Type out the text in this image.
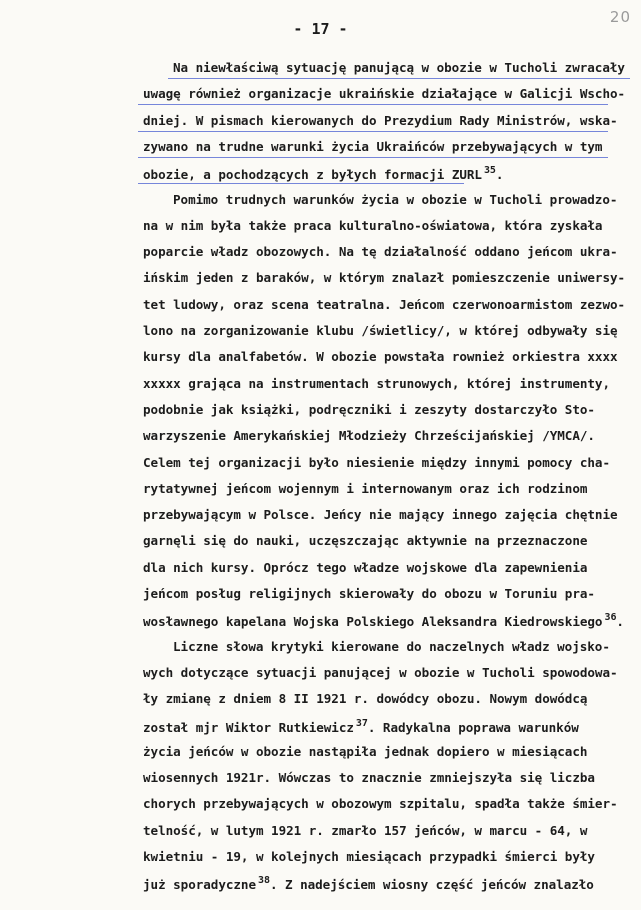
20
- 17 -
Na niewłaściwą sytuację panującą w obozie w Tucholi zwracały
uwagę również organizacje ukraińskie działające w Galicji Wscho-
dniej. W pismach kierowanych do Prezydium Rady Ministrów, wska-
zywano na trudne warunki życia Ukraińców przebywających w tym
obozie, a pochodzących z byłych formacji ZURL $^{35}$.
Pomimo trudnych warunków życia w obozie w Tucholi prowadzo-
na w nim była także praca kulturalno-oświatowa, która zyskała
poparcie władz obozowych. Na tę działalność oddano jeńcom ukra-
ińskim jeden z baraków, w którym znalazł pomieszczenie uniwersy-
tet ludowy, oraz scena teatralna. Jeńcom czerwonoarmistom zezwo-
lono na zorganizowanie klubu /świetlicy/, w której odbywały się
kursy dla analfabetów. W obozie powstała rownież orkiestra xxxx
xxxxx grająca na instrumentach strunowych, której instrumenty,
podobnie jak książki, podręczniki i zeszyty dostarczyło Sto-
warzyszenie Amerykańskiej Młodzieży Chrześcijańskiej /YMCA/.
Celem tej organizacji było niesienie między innymi pomocy cha-
rytatywnej jeńcom wojennym i internowanym oraz ich rodzinom
przebywającym w Polsce. Jeńcy nie mający innego zajęcia chętnie
garnęli się do nauki, uczęszczając aktywnie na przeznaczone
dla nich kursy. Oprócz tego władze wojskowe dla zapewnienia
jeńcom posług religijnych skierowały do obozu w Toruniu pra-
wosławnego kapelana Wojska Polskiego Aleksandra Kiedrowskiego $^{36}$.
Liczne słowa krytyki kierowane do naczelnych władz wojsko-
wych dotyczące sytuacji panującej w obozie w Tucholi spowodowa-
ły zmianę z dniem 8 II 1921 r. dowódcy obozu. Nowym dowódcą
został mjr Wiktor Rutkiewicz $^{37}$. Radykalna poprawa warunków
życia jeńców w obozie nastąpiła jednak dopiero w miesiącach
wiosennych 1921r. Wówczas to znacznie zmniejszyła się liczba
chorych przebywających w obozowym szpitalu, spadła także śmier-
telność, w lutym 1921 r. zmarło 157 jeńców, w marcu - 64, w
kwietniu - 19, w kolejnych miesiącach przypadki śmierci były
już sporadyczne $^{38}$. Z nadejściem wiosny część jeńców znalazło
